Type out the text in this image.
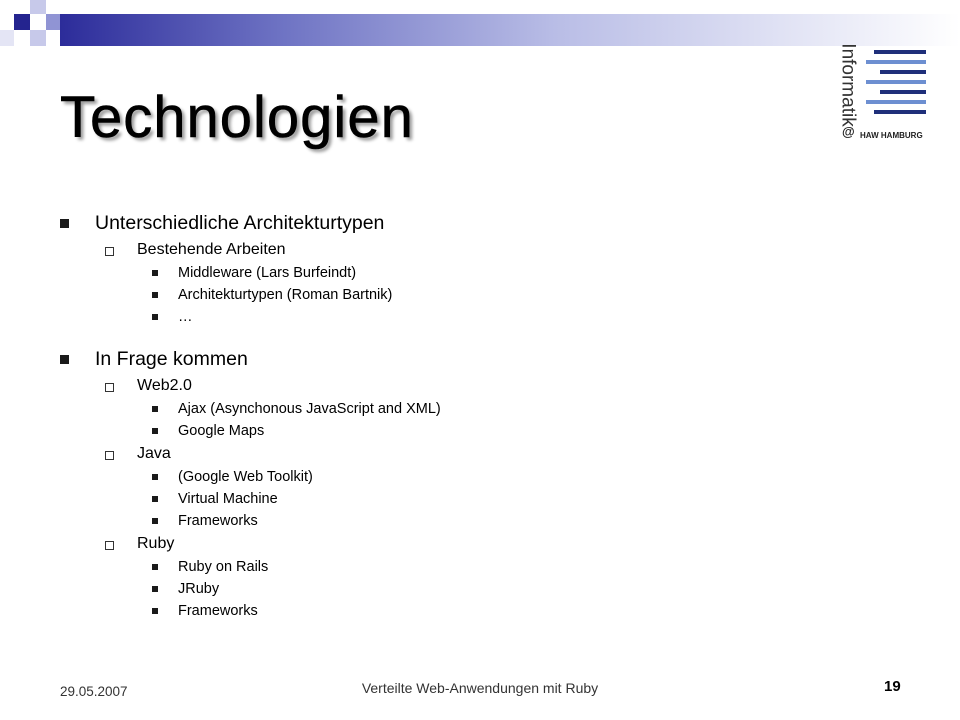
Informatik
@ HAW HAMBURG
Technologien
Unterschiedliche Architekturtypen
Bestehende Arbeiten
Middleware (Lars Burfeindt)
Architekturtypen (Roman Bartnik)
…
In Frage kommen
Web2.0
Ajax (Asynchonous JavaScript and XML)
Google Maps
Java
(Google Web Toolkit)
Virtual Machine
Frameworks
Ruby
Ruby on Rails
JRuby
Frameworks
29.05.2007	Verteilte Web-Anwendungen mit Ruby	19
